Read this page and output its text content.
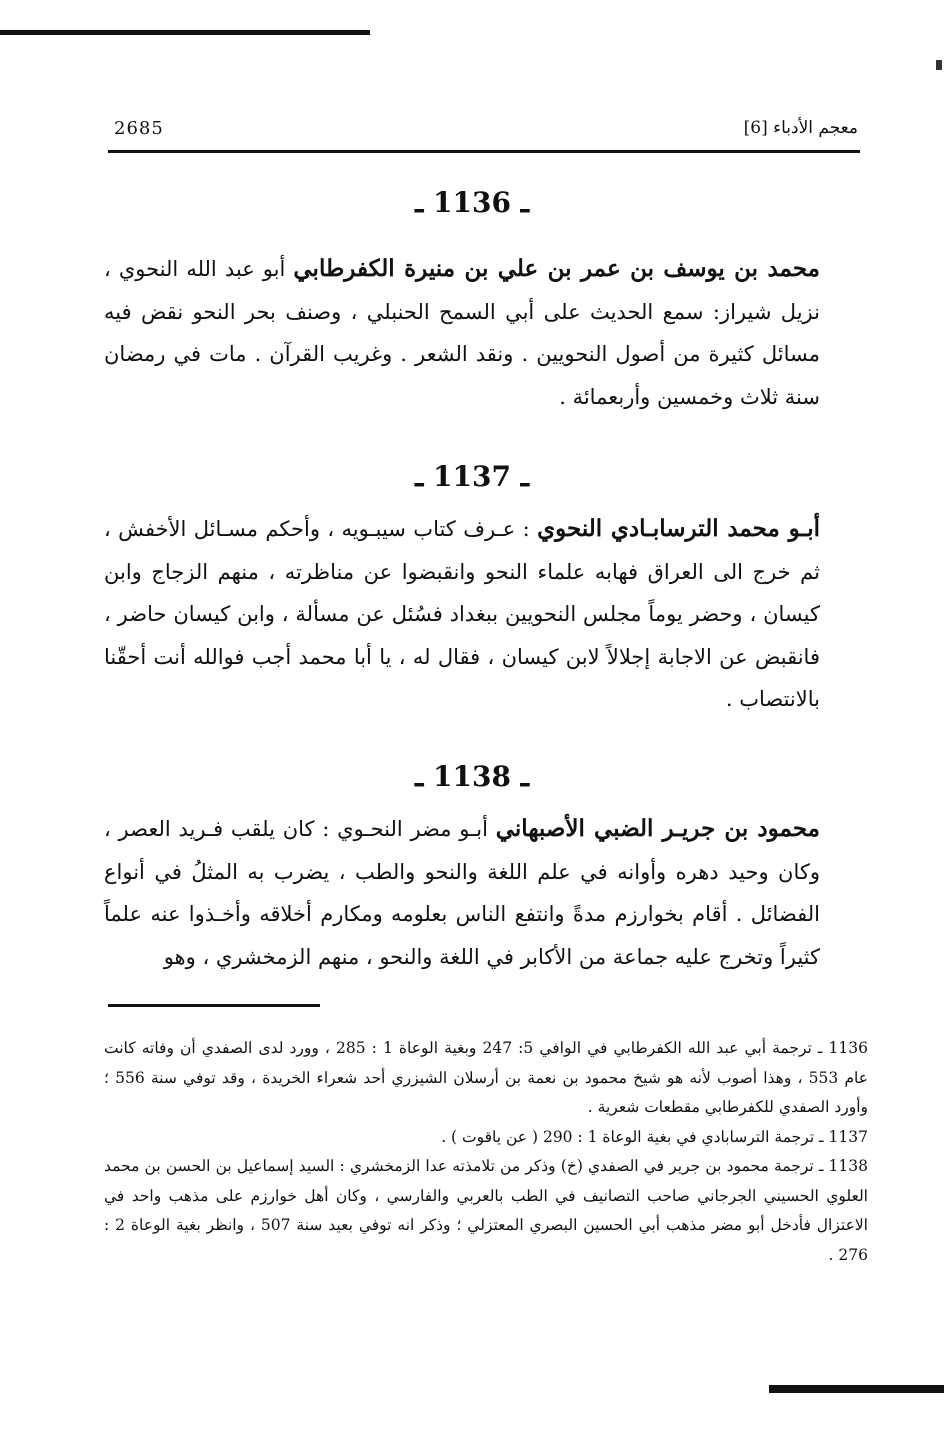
2685	معجم الأدباء [6]
ـ 1136 ـ
محمد بن يوسف بن عمر بن علي بن منيرة الكفرطابي أبو عبد الله النحوي ، نزيل شيراز: سمع الحديث على أبي السمح الحنبلي ، وصنف بحر النحو نقض فيه مسائل كثيرة من أصول النحويين . ونقد الشعر . وغريب القرآن . مات في رمضان سنة ثلاث وخمسين وأربعمائة .
ـ 1137 ـ
أبـو محمد الترسابـادي النحوي : عـرف كتاب سيبـويه ، وأحكم مسـائل الأخفش ، ثم خرج الى العراق فهابه علماء النحو وانقبضوا عن مناظرته ، منهم الزجاج وابن كيسان ، وحضر يوماً مجلس النحويين ببغداد فسُئل عن مسألة ، وابن كيسان حاضر ، فانقبض عن الاجابة إجلالاً لابن كيسان ، فقال له ، يا أبا محمد أجب فوالله أنت أحقّنا بالانتصاب .
ـ 1138 ـ
محمود بن جريـر الضبي الأصبهاني أبـو مضر النحـوي : كان يلقب فـريد العصر ، وكان وحيد دهره وأوانه في علم اللغة والنحو والطب ، يضرب به المثلُ في أنواع الفضائل . أقام بخوارزم مدةً وانتفع الناس بعلومه ومكارم أخلاقه وأخـذوا عنه علماً كثيراً وتخرج عليه جماعة من الأكابر في اللغة والنحو ، منهم الزمخشري ، وهو

1136 ـ ترجمة أبي عبد الله الكفرطابي في الوافي 5: 247 وبغية الوعاة 1 : 285 ، وورد لدى الصفدي أن وفاته كانت عام 553 ، وهذا أصوب لأنه هو شيخ محمود بن نعمة بن أرسلان الشيزري أحد شعراء الخريدة ، وقد توفي سنة 556 ؛ وأورد الصفدي للكفرطابي مقطعات شعرية .

1137 ـ ترجمة الترسابادي في بغية الوعاة 1 : 290 ( عن ياقوت ) .

1138 ـ ترجمة محمود بن جرير في الصفدي (خ) وذكر من تلامذته عدا الزمخشري : السيد إسماعيل بن الحسن بن محمد العلوي الحسيني الجرجاني صاحب التصانيف في الطب بالعربي والفارسي ، وكان أهل خوارزم على مذهب واحد في الاعتزال فأدخل أبو مضر مذهب أبي الحسين البصري المعتزلي ؛ وذكر انه توفي بعيد سنة 507 ، وانظر بغية الوعاة 2 : 276 .
